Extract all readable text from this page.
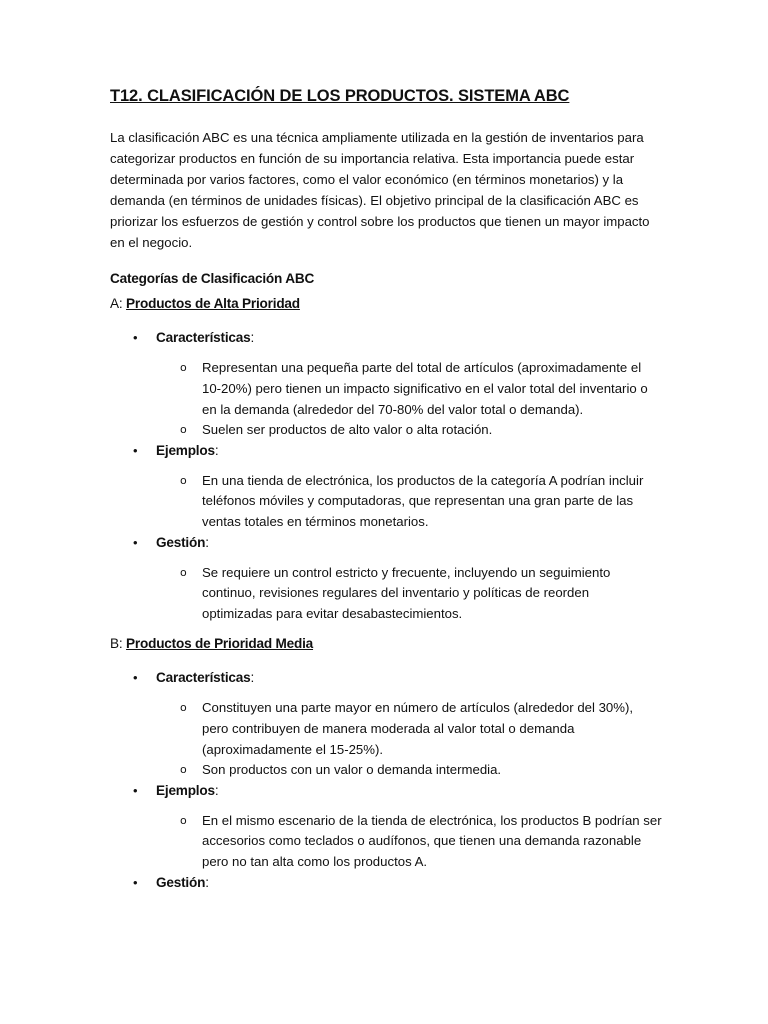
T12. CLASIFICACIÓN DE LOS PRODUCTOS. SISTEMA ABC

La clasificación ABC es una técnica ampliamente utilizada en la gestión de inventarios para categorizar productos en función de su importancia relativa. Esta importancia puede estar determinada por varios factores, como el valor económico (en términos monetarios) y la demanda (en términos de unidades físicas). El objetivo principal de la clasificación ABC es priorizar los esfuerzos de gestión y control sobre los productos que tienen un mayor impacto en el negocio.

Categorías de Clasificación ABC

A: Productos de Alta Prioridad

• Características:
o Representan una pequeña parte del total de artículos (aproximadamente el 10-20%) pero tienen un impacto significativo en el valor total del inventario o en la demanda (alrededor del 70-80% del valor total o demanda).
o Suelen ser productos de alto valor o alta rotación.
• Ejemplos:
o En una tienda de electrónica, los productos de la categoría A podrían incluir teléfonos móviles y computadoras, que representan una gran parte de las ventas totales en términos monetarios.
• Gestión:
o Se requiere un control estricto y frecuente, incluyendo un seguimiento continuo, revisiones regulares del inventario y políticas de reorden optimizadas para evitar desabastecimientos.

B: Productos de Prioridad Media

• Características:
o Constituyen una parte mayor en número de artículos (alrededor del 30%), pero contribuyen de manera moderada al valor total o demanda (aproximadamente el 15-25%).
o Son productos con un valor o demanda intermedia.
• Ejemplos:
o En el mismo escenario de la tienda de electrónica, los productos B podrían ser accesorios como teclados o audífonos, que tienen una demanda razonable pero no tan alta como los productos A.
• Gestión:
